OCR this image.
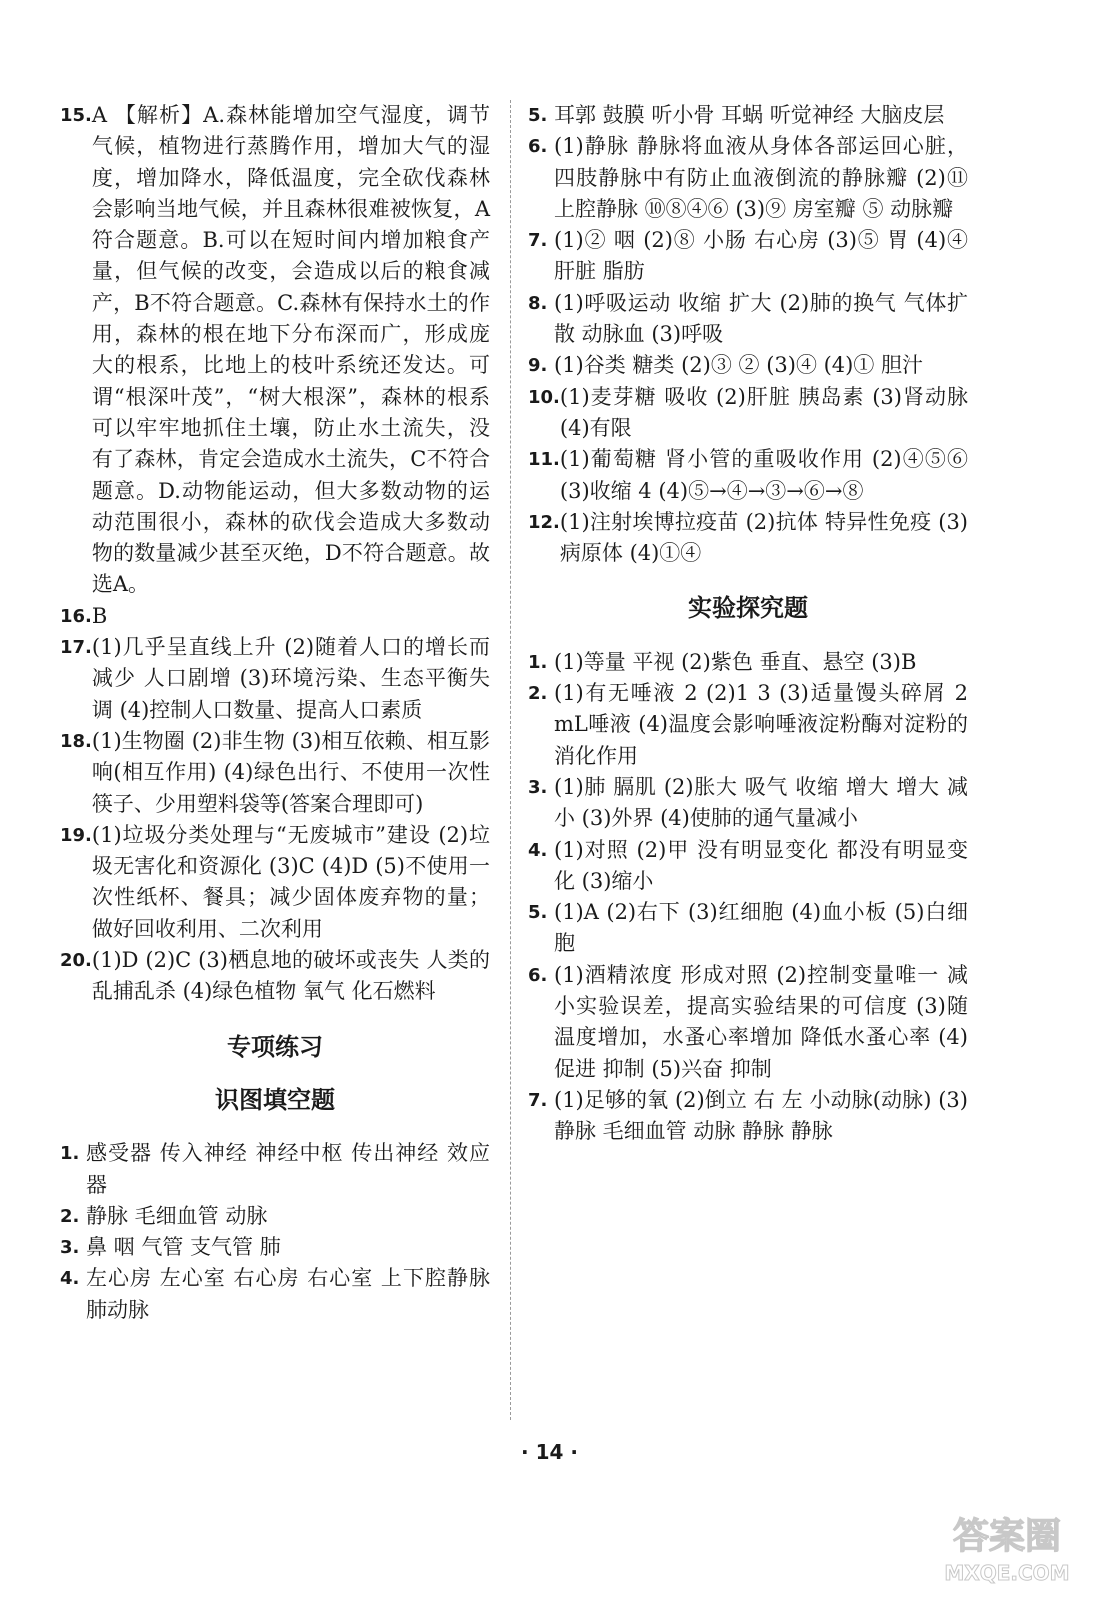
15. A 【解析】A.森林能增加空气湿度，调节气候，植物进行蒸腾作用，增加大气的湿度，增加降水，降低温度，完全砍伐森林会影响当地气候，并且森林很难被恢复，A符合题意。B.可以在短时间内增加粮食产量，但气候的改变，会造成以后的粮食减产，B不符合题意。C.森林有保持水土的作用，森林的根在地下分布深而广，形成庞大的根系，比地上的枝叶系统还发达。可谓“根深叶茂”，“树大根深”，森林的根系可以牢牢地抓住土壤，防止水土流失，没有了森林，肯定会造成水土流失，C不符合题意。D.动物能运动，但大多数动物的运动范围很小，森林的砍伐会造成大多数动物的数量减少甚至灭绝，D不符合题意。故选A。
16. B
17. (1)几乎呈直线上升 (2)随着人口的增长而减少 人口剧增 (3)环境污染、生态平衡失调 (4)控制人口数量、提高人口素质
18. (1)生物圈 (2)非生物 (3)相互依赖、相互影响(相互作用) (4)绿色出行、不使用一次性筷子、少用塑料袋等(答案合理即可)
19. (1)垃圾分类处理与“无废城市”建设 (2)垃圾无害化和资源化 (3)C (4)D (5)不使用一次性纸杯、餐具；减少固体废弃物的量；做好回收利用、二次利用
20. (1)D (2)C (3)栖息地的破坏或丧失 人类的乱捕乱杀 (4)绿色植物 氧气 化石燃料
专项练习
识图填空题
1. 感受器 传入神经 神经中枢 传出神经 效应器
2. 静脉 毛细血管 动脉
3. 鼻 咽 气管 支气管 肺
4. 左心房 左心室 右心房 右心室 上下腔静脉 肺动脉
5. 耳郭 鼓膜 听小骨 耳蜗 听觉神经 大脑皮层
6. (1)静脉 静脉将血液从身体各部运回心脏，四肢静脉中有防止血液倒流的静脉瓣 (2)⑪ 上腔静脉 ⑩⑧④⑥ (3)⑨ 房室瓣 ⑤ 动脉瓣
7. (1)② 咽 (2)⑧ 小肠 右心房 (3)⑤ 胃 (4)④ 肝脏 脂肪
8. (1)呼吸运动 收缩 扩大 (2)肺的换气 气体扩散 动脉血 (3)呼吸
9. (1)谷类 糖类 (2)③ ② (3)④ (4)① 胆汁
10. (1)麦芽糖 吸收 (2)肝脏 胰岛素 (3)肾动脉 (4)有限
11. (1)葡萄糖 肾小管的重吸收作用 (2)④⑤⑥ (3)收缩 4 (4)⑤→④→③→⑥→⑧
12. (1)注射埃博拉疫苗 (2)抗体 特异性免疫 (3)病原体 (4)①④
实验探究题
1. (1)等量 平视 (2)紫色 垂直、悬空 (3)B
2. (1)有无唾液 2 (2)1 3 (3)适量馒头碎屑 2 mL唾液 (4)温度会影响唾液淀粉酶对淀粉的消化作用
3. (1)肺 膈肌 (2)胀大 吸气 收缩 增大 增大 减小 (3)外界 (4)使肺的通气量减小
4. (1)对照 (2)甲 没有明显变化 都没有明显变化 (3)缩小
5. (1)A (2)右下 (3)红细胞 (4)血小板 (5)白细胞
6. (1)酒精浓度 形成对照 (2)控制变量唯一 减小实验误差，提高实验结果的可信度 (3)随温度增加，水蚤心率增加 降低水蚤心率 (4)促进 抑制 (5)兴奋 抑制
7. (1)足够的氧 (2)倒立 右 左 小动脉(动脉) (3)静脉 毛细血管 动脉 静脉 静脉
· 14 ·
答案圈
MXQE.COM
